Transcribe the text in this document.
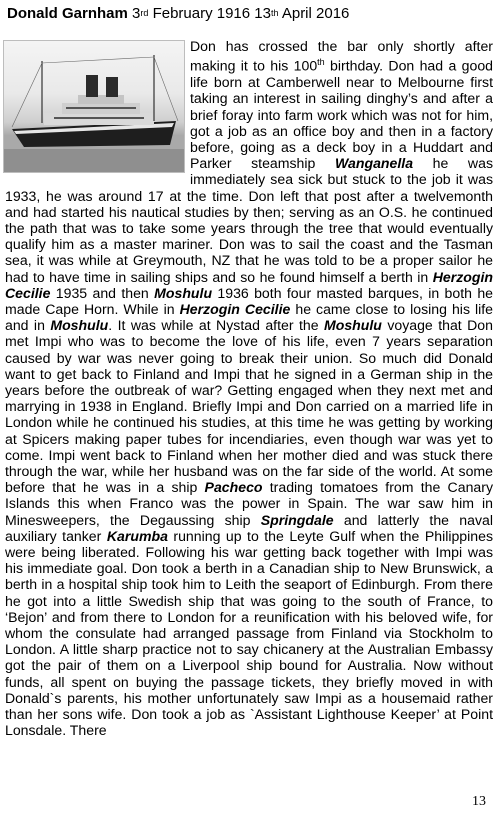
Donald Garnham 3rd February 1916 13th April 2016
Don has crossed the bar only shortly after making it to his 100th birthday. Don had a good life born at Camberwell near to Melbourne first taking an interest in sailing dinghy’s and after a brief foray into farm work which was not for him, got a job as an office boy and then in a factory before, going as a deck boy in a Huddart and Parker steamship Wanganella he was immediately sea sick but stuck to the job it was 1933, he was around 17 at the time. Don left that post after a twelvemonth and had started his nautical studies by then; serving as an O.S. he continued the path that was to take some years through the tree that would eventually qualify him as a master mariner. Don was to sail the coast and the Tasman sea, it was while at Greymouth, NZ that he was told to be a proper sailor he had to have time in sailing ships and so he found himself a berth in Herzogin Cecilie 1935 and then Moshulu 1936 both four masted barques, in both he made Cape Horn. While in Herzogin Cecilie he came close to losing his life and in Moshulu. It was while at Nystad after the Moshulu voyage that Don met Impi who was to become the love of his life, even 7 years separation caused by war was never going to break their union. So much did Donald want to get back to Finland and Impi that he signed in a German ship in the years before the outbreak of war? Getting engaged when they next met and marrying in 1938 in England. Briefly Impi and Don carried on a married life in London while he continued his studies, at this time he was getting by working at Spicers making paper tubes for incendiaries, even though war was yet to come. Impi went back to Finland when her mother died and was stuck there through the war, while her husband was on the far side of the world. At some before that he was in a ship Pacheco trading tomatoes from the Canary Islands this when Franco was the power in Spain. The war saw him in Minesweepers, the Degaussing ship Springdale and latterly the naval auxiliary tanker Karumba running up to the Leyte Gulf when the Philippines were being liberated. Following his war getting back together with Impi was his immediate goal. Don took a berth in a Canadian ship to New Brunswick, a berth in a hospital ship took him to Leith the seaport of Edinburgh. From there he got into a little Swedish ship that was going to the south of France, to ‘Bejon’ and from there to London for a reunification with his beloved wife, for whom the consulate had arranged passage from Finland via Stockholm to London. A little sharp practice not to say chicanery at the Australian Embassy got the pair of them on a Liverpool ship bound for Australia. Now without funds, all spent on buying the passage tickets, they briefly moved in with Donald`s parents, his mother unfortunately saw Impi as a housemaid rather than her sons wife. Don took a job as `Assistant Lighthouse Keeper’ at Point Lonsdale. There
13
